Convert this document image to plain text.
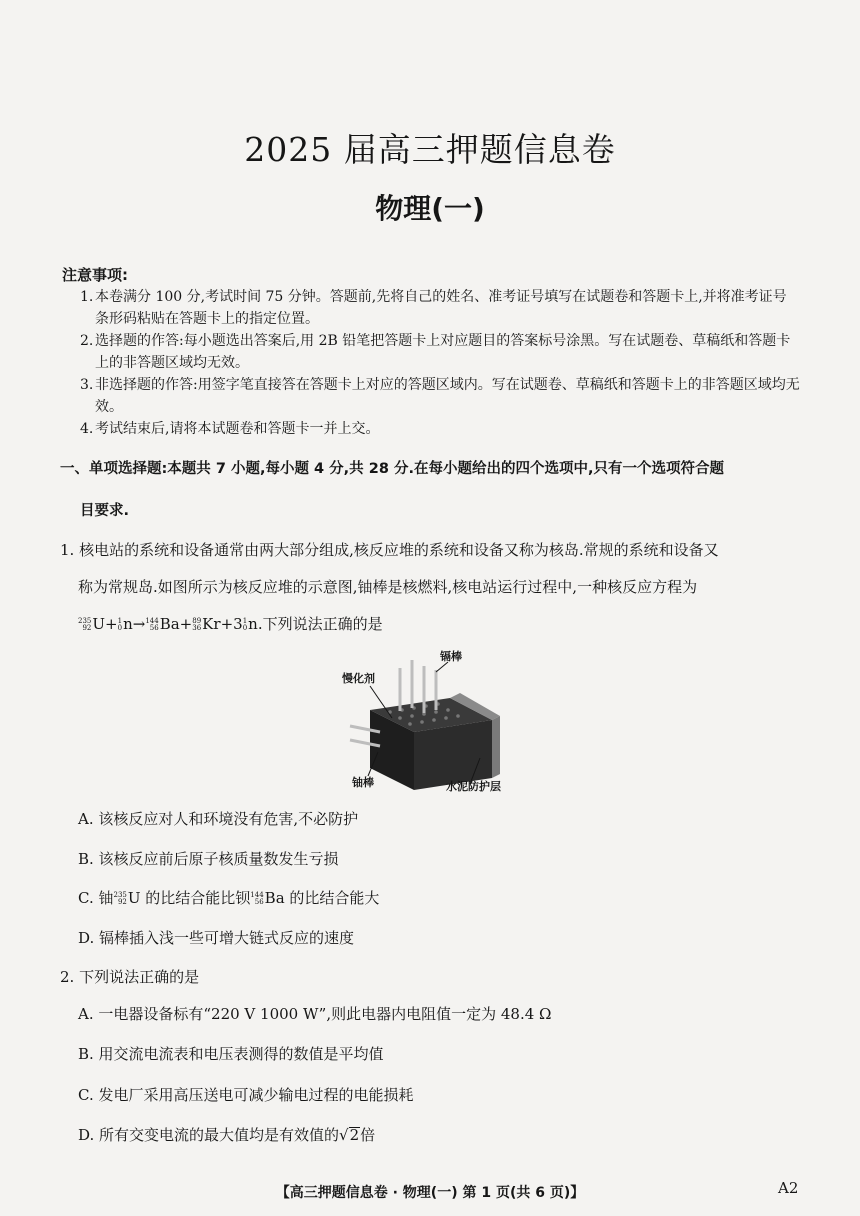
2025 届高三押题信息卷
物理(一)
注意事项:
1. 本卷满分 100 分,考试时间 75 分钟。答题前,先将自己的姓名、准考证号填写在试题卷和答题卡上,并将准考证号条形码粘贴在答题卡上的指定位置。
2. 选择题的作答:每小题选出答案后,用 2B 铅笔把答题卡上对应题目的答案标号涂黑。写在试题卷、草稿纸和答题卡上的非答题区域均无效。
3. 非选择题的作答:用签字笔直接答在答题卡上对应的答题区域内。写在试题卷、草稿纸和答题卡上的非答题区域均无效。
4. 考试结束后,请将本试题卷和答题卡一并上交。
一、单项选择题:本题共 7 小题,每小题 4 分,共 28 分.在每小题给出的四个选项中,只有一个选项符合题
目要求.
1. 核电站的系统和设备通常由两大部分组成,核反应堆的系统和设备又称为核岛.常规的系统和设备又
称为常规岛.如图所示为核反应堆的示意图,铀棒是核燃料,核电站运行过程中,一种核反应方程为
235
92U+1
0n→144
56Ba+89
36Kr+31
0n.下列说法正确的是
慢化剂
镉棒
铀棒	水泥防护层
A. 该核反应对人和环境没有危害,不必防护
B. 该核反应前后原子核质量数发生亏损
C. 铀235
92U 的比结合能比钡144
56Ba 的比结合能大
D. 镉棒插入浅一些可增大链式反应的速度
2. 下列说法正确的是
A. 一电器设备标有“220 V 1000 W”,则此电器内电阻值一定为 48.4 Ω
B. 用交流电流表和电压表测得的数值是平均值
C. 发电厂采用高压送电可减少输电过程的电能损耗
D. 所有交变电流的最大值均是有效值的√2倍
【高三押题信息卷 · 物理(一) 第 1 页(共 6 页)】	A2
